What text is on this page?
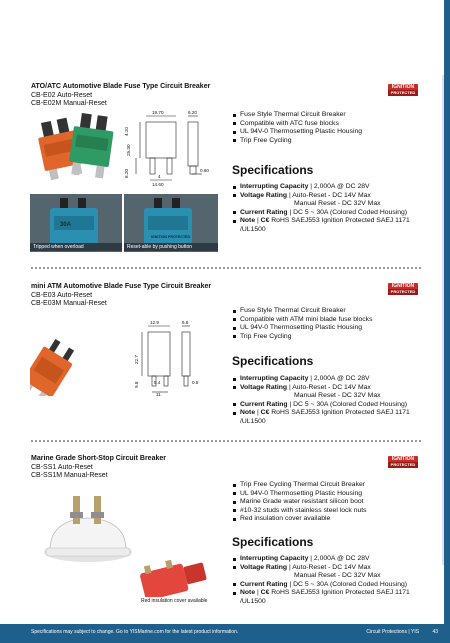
ATO/ATC Automotive Blade Fuse Type Circuit Breaker
CB-E02 Auto-Reset
CB-E02M Manual-Reset
IGNITION
PROTECTED
19.70	6.20
4.20
25.30
6.20	4
14.60
0.60
30A
IGNITION PROTECTED
Tripped when overload	Reset-able by pushing button
Fuse Style Thermal Circuit Breaker
Compatible with ATC fuse blocks
UL 94V-0 Thermosetting Plastic Housing
Trip Free Cycling
Specifications
Interrupting Capacity | 2,000A @ DC 28V
Voltage Rating | Auto-Reset - DC 14V Max
Manual Reset - DC 32V Max
Current Rating | DC 5 ~ 30A (Colored Coded Housing)
Note | C€ RoHS SAEJ553 Ignition Protected SAEJ 1171
/UL1500
mini ATM Automotive Blade Fuse Type Circuit Breaker
CB-E03 Auto-Reset
CB-E03M Manual-Reset
IGNITION
PROTECTED
12.9	6.6
22.7
9.8	5.4
11
0.8
Fuse Style Thermal Circuit Breaker
Compatible with ATM mini blade fuse blocks
UL 94V-0 Thermosetting Plastic Housing
Trip Free Cycling
Specifications
Interrupting Capacity | 2,000A @ DC 28V
Voltage Rating | Auto-Reset - DC 14V Max
Manual Reset - DC 32V Max
Current Rating | DC 5 ~ 30A (Colored Coded Housing)
Note | C€ RoHS SAEJ553 Ignition Protected SAEJ 1171
/UL1500
Marine Grade Short-Stop Circuit Breaker
CB-SS1 Auto-Reset
CB-SS1M Manual-Reset
IGNITION
PROTECTED
Red insulation cover available
Trip Free Cycling Thermal Circuit Breaker
UL 94V-0 Thermosetting Plastic Housing
Marine Grade water resistant silicon boot
#10-32 studs with stainless steel lock nuts
Red insulation cover available
Specifications
Interrupting Capacity | 2,000A @ DC 28V
Voltage Rating | Auto-Reset - DC 14V Max
Manual Reset - DC 32V Max
Current Rating | DC 5 ~ 30A (Colored Coded Housing)
Note | C€ RoHS SAEJ553 Ignition Protected SAEJ 1171
/UL1500
Specifications may subject to change. Go to YISMarine.com for the latest product information.	Circuit Protections | YIS	43
